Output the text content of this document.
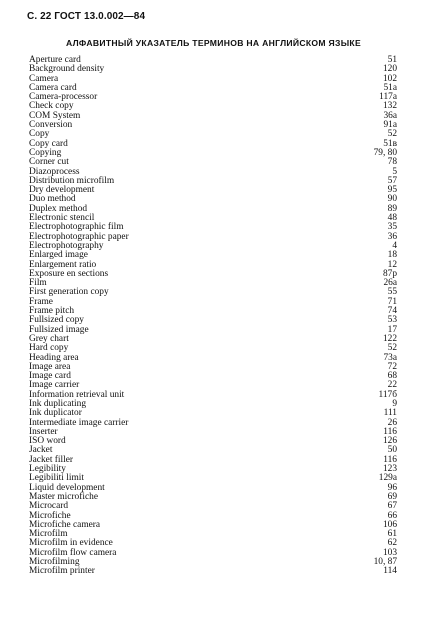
С. 22 ГОСТ 13.0.002—84
АЛФАВИТНЫЙ УКАЗАТЕЛЬ ТЕРМИНОВ НА АНГЛИЙСКОМ ЯЗЫКЕ
Aperture card	51
Background density	120
Camera	102
Camera card	51а
Camera-processor	117а
Check copy	132
COM System	36а
Conversion	91а
Copy	52
Copy card	51в
Copying	79, 80
Corner cut	78
Diazoprocess	5
Distribution microfilm	57
Dry development	95
Duo method	90
Duplex method	89
Electronic stencil	48
Electrophotographic film	35
Electrophotographic paper	36
Electrophotography	4
Enlarged image	18
Enlargement ratio	12
Exposure en sections	87р
Film	26а
First generation copy	55
Frame	71
Frame pitch	74
Fullsized copy	53
Fullsized image	17
Grey chart	122
Hard copy	52
Heading area	73а
Image area	72
Image card	68
Image carrier	22
Information retrieval unit	117б
Ink duplicating	9
Ink duplicator	111
Intermediate image carrier	26
Inserter	116
ISO word	126
Jacket	50
Jacket filler	116
Legibility	123
Legibiliti limit	129а
Liquid development	96
Master microfiche	69
Microcard	67
Microfiche	66
Microfiche camera	106
Microfilm	61
Microfilm in evidence	62
Microfilm flow camera	103
Microfilming	10, 87
Microfilm printer	114
